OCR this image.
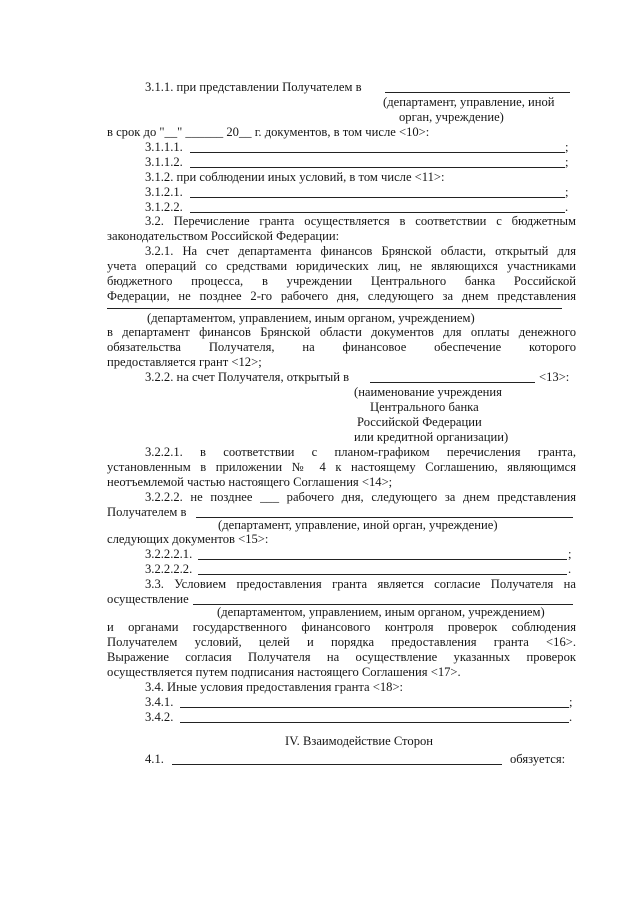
3.1.1. при представлении Получателем в
(департамент, управление, иной
орган, учреждение)
в срок до "__" ______ 20__ г. документов, в том числе <10>:
3.1.1.1.	;
3.1.1.2.	;
3.1.2. при соблюдении иных условий, в том числе <11>:
3.1.2.1.	;
3.1.2.2.	.
3.2. Перечисление гранта осуществляется в соответствии с бюджетным
законодательством Российской Федерации:
3.2.1. На счет департамента финансов Брянской области, открытый для
учета операций со средствами юридических лиц, не являющихся участниками
бюджетного процесса, в учреждении Центрального банка Российской
Федерации, не позднее 2-го рабочего дня, следующего за днем представления
(департаментом, управлением, иным органом, учреждением)
в департамент финансов Брянской области документов для оплаты денежного
обязательства Получателя, на финансовое обеспечение которого
предоставляется грант <12>;
3.2.2. на счет Получателя, открытый в	<13>:
(наименование учреждения
Центрального банка
Российской Федерации
или кредитной организации)
3.2.2.1. в соответствии с планом-графиком перечисления гранта,
установленным в приложении № 4 к настоящему Соглашению, являющимся
неотъемлемой частью настоящего Соглашения <14>;
3.2.2.2. не позднее ___ рабочего дня, следующего за днем представления
Получателем в
(департамент, управление, иной орган, учреждение)
следующих документов <15>:
3.2.2.2.1.	;
3.2.2.2.2.	.
3.3. Условием предоставления гранта является согласие Получателя на
осуществление
(департаментом, управлением, иным органом, учреждением)
и органами государственного финансового контроля проверок соблюдения
Получателем условий, целей и порядка предоставления гранта <16>.
Выражение согласия Получателя на осуществление указанных проверок
осуществляется путем подписания настоящего Соглашения <17>.
3.4. Иные условия предоставления гранта <18>:
3.4.1.	;
3.4.2.	.
IV. Взаимодействие Сторон
4.1.	обязуется:
